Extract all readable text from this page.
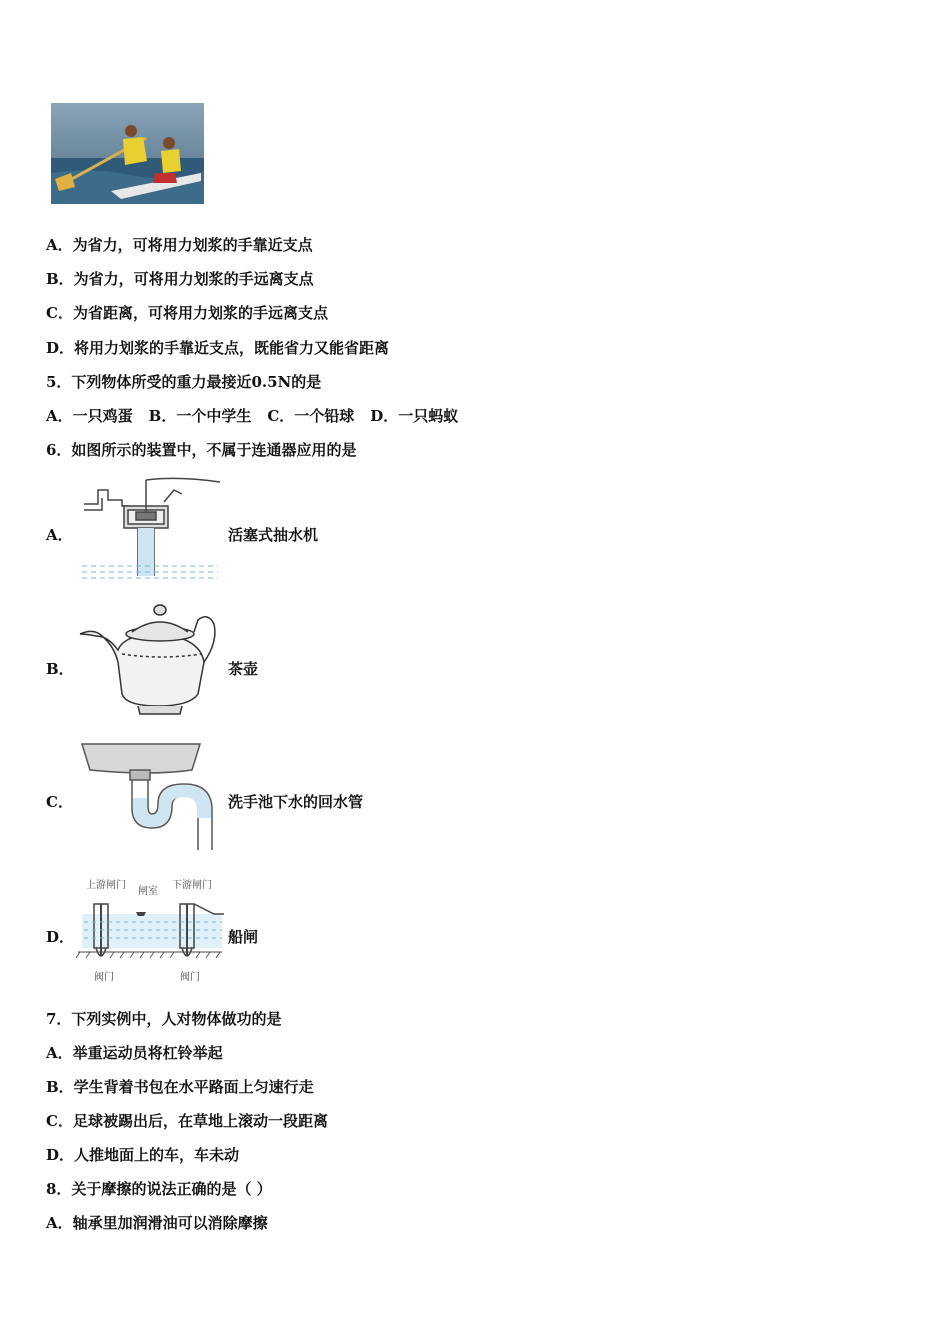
A．为省力，可将用力划浆的手靠近支点
B．为省力，可将用力划浆的手远离支点
C．为省距离，可将用力划浆的手远离支点
D．将用力划浆的手靠近支点，既能省力又能省距离
5．下列物体所受的重力最接近0.5N的是
A．一只鸡蛋 B．一个中学生 C．一个铅球 D．一只蚂蚁
6．如图所示的装置中，不属于连通器应用的是
A．	活塞式抽水机
B．	茶壶
C．	洗手池下水的回水管
D．
上游闸门
闸室
下游闸门
阀门	阀门
船闸
7．下列实例中，人对物体做功的是
A．举重运动员将杠铃举起
B．学生背着书包在水平路面上匀速行走
C．足球被踢出后，在草地上滚动一段距离
D．人推地面上的车，车未动
8．关于摩擦的说法正确的是（ ）
A．轴承里加润滑油可以消除摩擦
